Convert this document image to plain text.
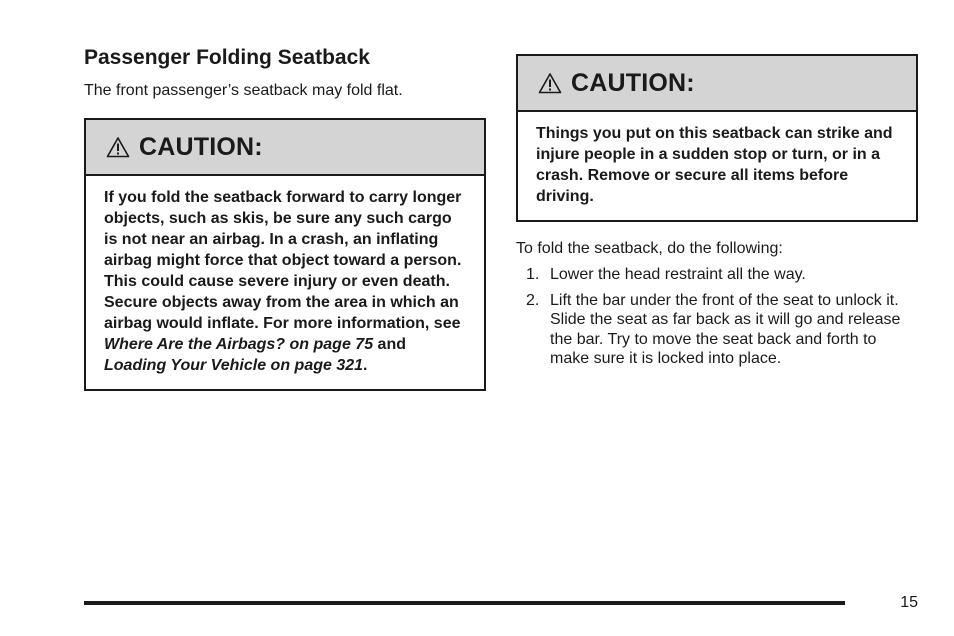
Passenger Folding Seatback

The front passenger’s seatback may fold flat.

CAUTION:
If you fold the seatback forward to carry longer objects, such as skis, be sure any such cargo is not near an airbag. In a crash, an inflating airbag might force that object toward a person. This could cause severe injury or even death. Secure objects away from the area in which an airbag would inflate. For more information, see Where Are the Airbags? on page 75 and Loading Your Vehicle on page 321.
CAUTION:
Things you put on this seatback can strike and injure people in a sudden stop or turn, or in a crash. Remove or secure all items before driving.

To fold the seatback, do the following:

1. Lower the head restraint all the way.
2. Lift the bar under the front of the seat to unlock it. Slide the seat as far back as it will go and release the bar. Try to move the seat back and forth to make sure it is locked into place.
15
